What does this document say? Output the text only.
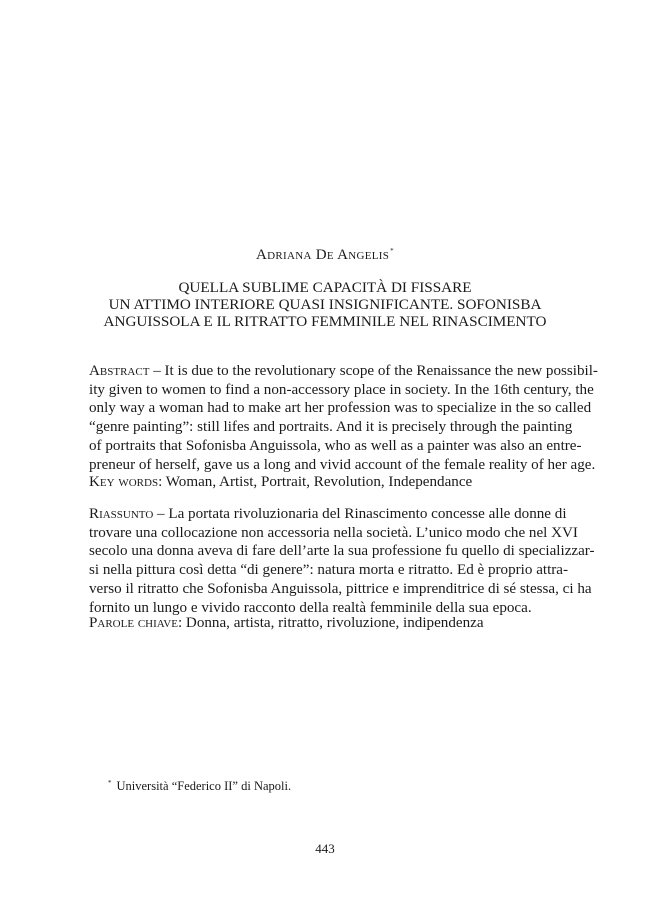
Adriana De Angelis*
QUELLA SUBLIME CAPACITÀ DI FISSARE
UN ATTIMO INTERIORE QUASI INSIGNIFICANTE. SOFONISBA
ANGUISSOLA E IL RITRATTO FEMMINILE NEL RINASCIMENTO
Abstract – It is due to the revolutionary scope of the Renaissance the new possibil-
ity given to women to find a non-accessory place in society. In the 16th century, the
only way a woman had to make art her profession was to specialize in the so called
“genre painting”: still lifes and portraits. And it is precisely through the painting
of portraits that Sofonisba Anguissola, who as well as a painter was also an entre-
preneur of herself, gave us a long and vivid account of the female reality of her age.
Key words: Woman, Artist, Portrait, Revolution, Independance
Riassunto – La portata rivoluzionaria del Rinascimento concesse alle donne di
trovare una collocazione non accessoria nella società. L’unico modo che nel XVI
secolo una donna aveva di fare dell’arte la sua professione fu quello di specializzar-
si nella pittura così detta “di genere”: natura morta e ritratto. Ed è proprio attra-
verso il ritratto che Sofonisba Anguissola, pittrice e imprenditrice di sé stessa, ci ha
fornito un lungo e vivido racconto della realtà femminile della sua epoca.
Parole chiave: Donna, artista, ritratto, rivoluzione, indipendenza
* Università “Federico II” di Napoli.
443
